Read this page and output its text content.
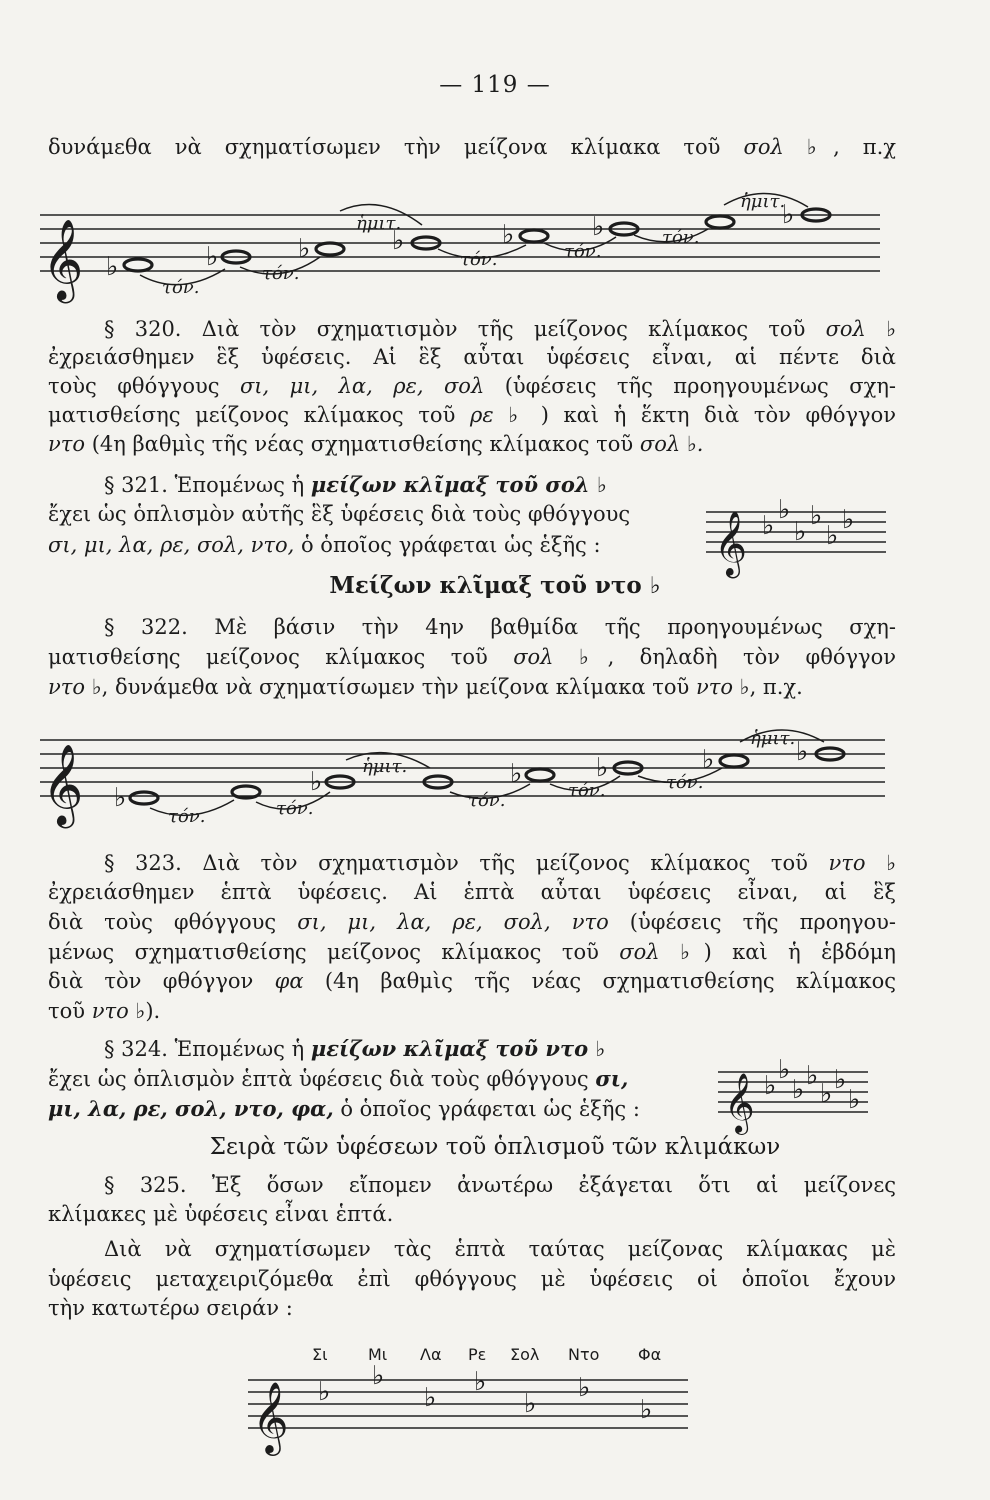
— 119 —
δυνάμεθα νὰ σχηματίσωμεν τὴν μείζονα κλίμακα τοῦ σολ ♭, π.χ
𝄞 ♭	♭	♭	♭	♭	♭	♭
τόν.
τόν.
ἡμιτ.
τόν.	τόν.
τόν.
ἡμιτ.
§ 320. Διὰ τὸν σχηματισμὸν τῆς μείζονος κλίμακος τοῦ σολ ♭
ἐχρειάσθημεν ἓξ ὑφέσεις. Αἱ ἓξ αὗται ὑφέσεις εἶναι, αἱ πέντε διὰ
τοὺς φθόγγους σι, μι, λα, ρε, σολ (ὑφέσεις τῆς προηγουμένως σχη-
ματισθείσης μείζονος κλίμακος τοῦ ρε ♭ ) καὶ ἡ ἕκτη διὰ τὸν φθόγγον
ντο (4η βαθμὶς τῆς νέας σχηματισθείσης κλίμακος τοῦ σολ ♭.
§ 321. Ἑπομένως ἡ μείζων κλῖμαξ τοῦ σολ ♭
ἔχει ὡς ὁπλισμὸν αὐτῆς ἓξ ὑφέσεις διὰ τοὺς φθόγγους
σι, μι, λα, ρε, σολ, ντο, ὁ ὁποῖος γράφεται ὡς ἑξῆς :	𝄞 ♭
♭
♭
♭
♭
♭
Μείζων κλῖμαξ τοῦ ντο ♭
§ 322. Μὲ βάσιν τὴν 4ην βαθμίδα τῆς προηγουμένως σχη-
ματισθείσης μείζονος κλίμακος τοῦ σολ ♭, δηλαδὴ τὸν φθόγγον
ντο ♭, δυνάμεθα νὰ σχηματίσωμεν τὴν μείζονα κλίμακα τοῦ ντο ♭, π.χ.
𝄞 ♭
♭	♭	♭	♭	♭
τόν.	τόν.
ἡμιτ.
τόν.	τόν.	τόν.
ἡμιτ.
§ 323. Διὰ τὸν σχηματισμὸν τῆς μείζονος κλίμακος τοῦ ντο ♭
ἐχρειάσθημεν ἑπτὰ ὑφέσεις. Αἱ ἑπτὰ αὗται ὑφέσεις εἶναι, αἱ ἓξ
διὰ τοὺς φθόγγους σι, μι, λα, ρε, σολ, ντο (ὑφέσεις τῆς προηγου-
μένως σχηματισθείσης μείζονος κλίμακος τοῦ σολ ♭) καὶ ἡ ἑβδόμη
διὰ τὸν φθόγγον φα (4η βαθμὶς τῆς νέας σχηματισθείσης κλίμακος
τοῦ ντο ♭).
§ 324. Ἑπομένως ἡ μείζων κλῖμαξ τοῦ ντο ♭
ἔχει ὡς ὁπλισμὸν ἑπτὰ ὑφέσεις διὰ τοὺς φθόγγους σι,
μι, λα, ρε, σολ, ντο, φα, ὁ ὁποῖος γράφεται ὡς ἑξῆς :	𝄞 ♭
♭
♭ ♭
♭ ♭
♭
Σειρὰ τῶν ὑφέσεων τοῦ ὁπλισμοῦ τῶν κλιμάκων
§ 325. Ἐξ ὅσων εἴπομεν ἀνωτέρω ἐξάγεται ὅτι αἱ μείζονες
κλίμακες μὲ ὑφέσεις εἶναι ἑπτά.
Διὰ νὰ σχηματίσωμεν τὰς ἑπτὰ ταύτας μείζονας κλίμακας μὲ
ὑφέσεις μεταχειριζόμεθα ἐπὶ φθόγγους μὲ ὑφέσεις οἱ ὁποῖοι ἔχουν
τὴν κατωτέρω σειράν :
Σι	Μι Λα Ρε Σολ Ντο Φα
𝄞 ♭
♭
♭
♭
♭
♭
♭
